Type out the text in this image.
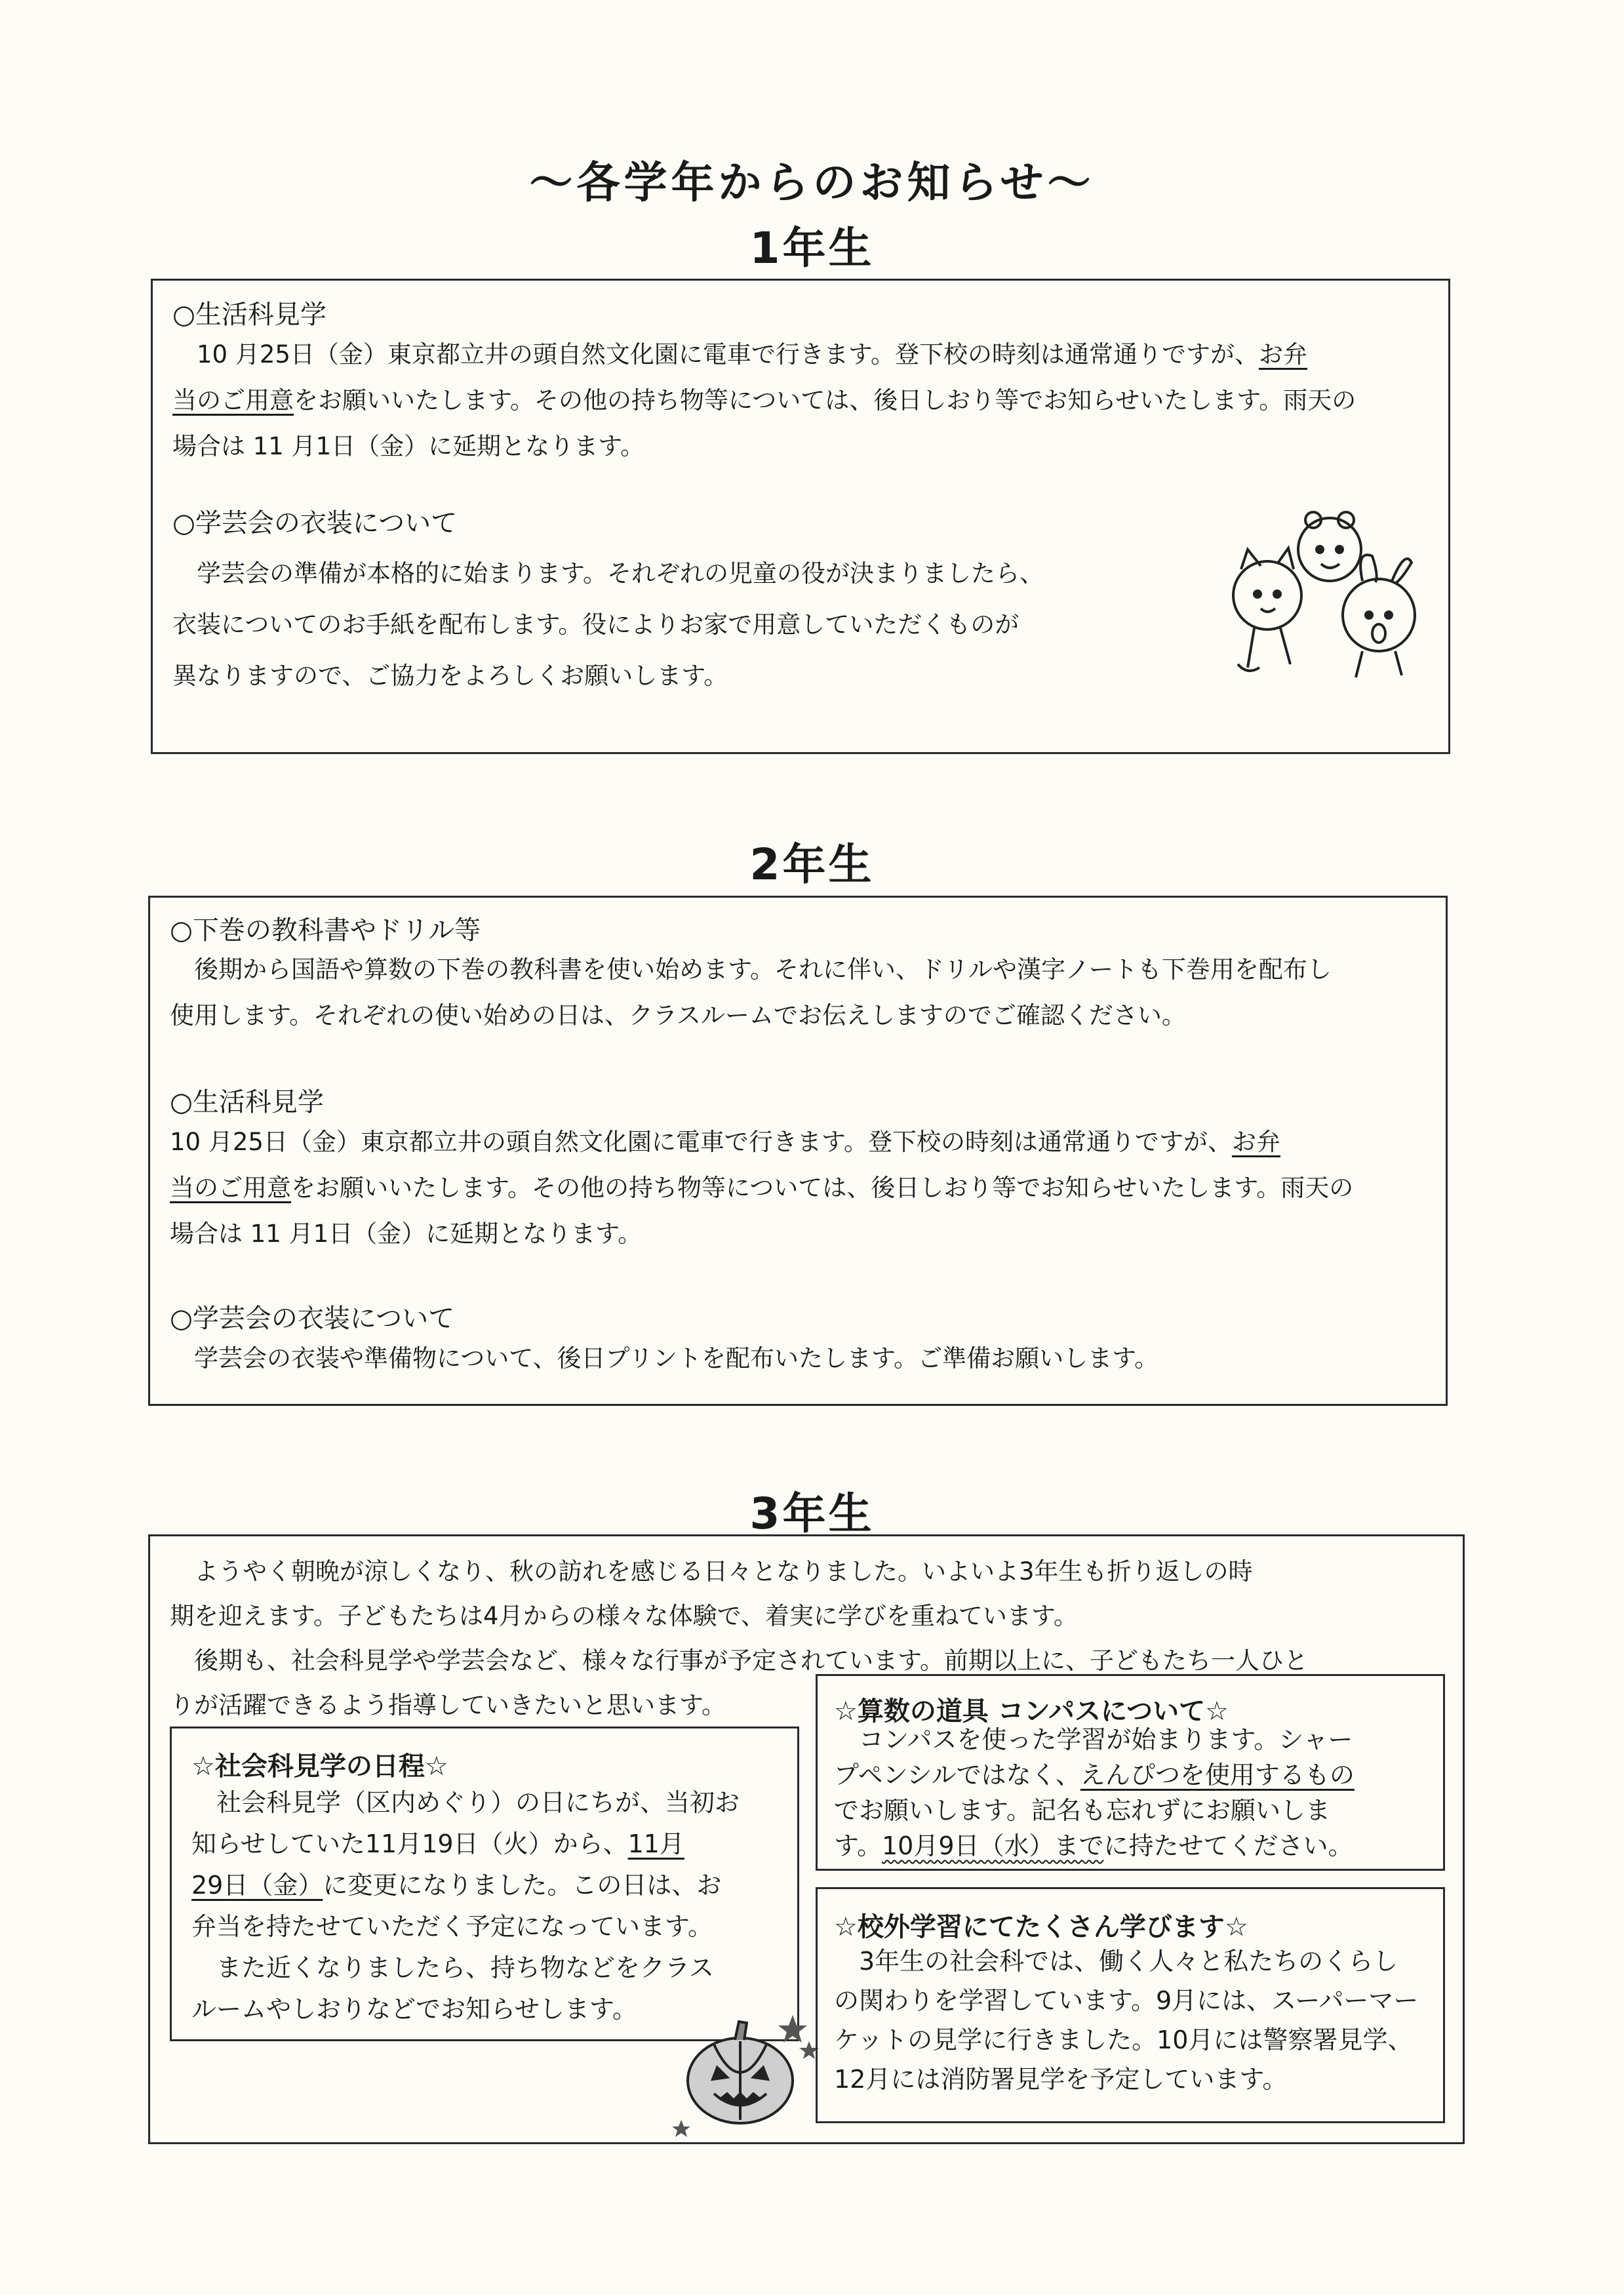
〜各学年からのお知らせ〜
1年生
○生活科見学

　10 月25日（金）東京都立井の頭自然文化園に電車で行きます。登下校の時刻は通常通りですが、お弁

当のご用意をお願いいたします。その他の持ち物等については、後日しおり等でお知らせいたします。雨天の

場合は 11 月1日（金）に延期となります。

○学芸会の衣装について

　学芸会の準備が本格的に始まります。それぞれの児童の役が決まりましたら、

衣装についてのお手紙を配布します。役によりお家で用意していただくものが

異なりますので、ご協力をよろしくお願いします。

2年生
○下巻の教科書やドリル等

　後期から国語や算数の下巻の教科書を使い始めます。それに伴い、ドリルや漢字ノートも下巻用を配布し

使用します。それぞれの使い始めの日は、クラスルームでお伝えしますのでご確認ください。

○生活科見学

10 月25日（金）東京都立井の頭自然文化園に電車で行きます。登下校の時刻は通常通りですが、お弁

当のご用意をお願いいたします。その他の持ち物等については、後日しおり等でお知らせいたします。雨天の

場合は 11 月1日（金）に延期となります。

○学芸会の衣装について

　学芸会の衣装や準備物について、後日プリントを配布いたします。ご準備お願いします。

3年生

　ようやく朝晩が涼しくなり、秋の訪れを感じる日々となりました。いよいよ3年生も折り返しの時

期を迎えます。子どもたちは4月からの様々な体験で、着実に学びを重ねています。

　後期も、社会科見学や学芸会など、様々な行事が予定されています。前期以上に、子どもたち一人ひと

りが活躍できるよう指導していきたいと思います。

☆社会科見学の日程☆

　社会科見学（区内めぐり）の日にちが、当初お

知らせしていた11月19日（火）から、11月

29日（金）に変更になりました。この日は、お

弁当を持たせていただく予定になっています。

　また近くなりましたら、持ち物などをクラス

ルームやしおりなどでお知らせします。

☆算数の道具 コンパスについて☆

　コンパスを使った学習が始まります。シャー

プペンシルではなく、えんぴつを使用するもの

でお願いします。記名も忘れずにお願いしま

す。10月9日（水）までに持たせてください。

☆校外学習にてたくさん学びます☆

　3年生の社会科では、働く人々と私たちのくらし

の関わりを学習しています。9月には、スーパーマー

ケットの見学に行きました。10月には警察署見学、

12月には消防署見学を予定しています。
